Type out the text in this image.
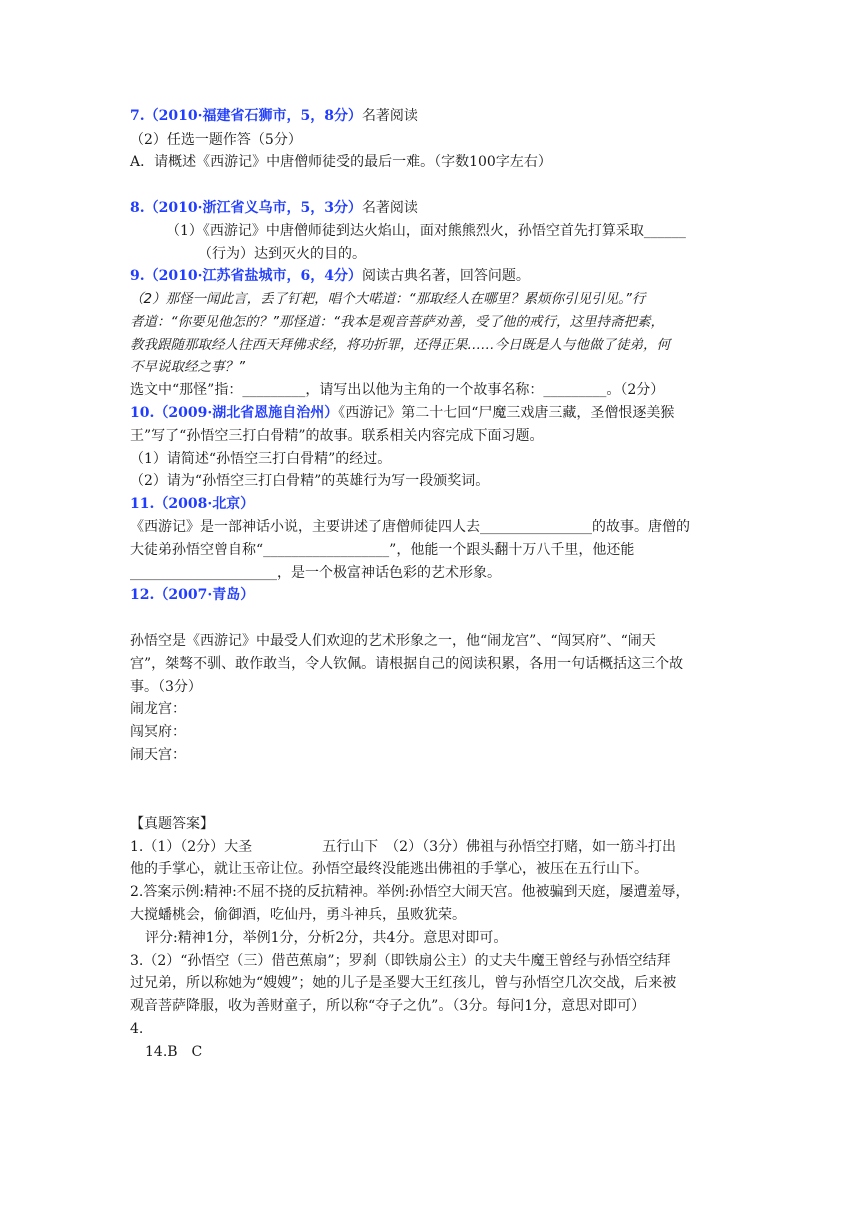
7.（2010·福建省石狮市，5，8分）名著阅读
（2）任选一题作答（5分）
A．请概述《西游记》中唐僧师徒受的最后一难。（字数100字左右）
8.（2010·浙江省义乌市，5，3分）名著阅读
（1）《西游记》中唐僧师徒到达火焰山，面对熊熊烈火，孙悟空首先打算采取______
（行为）达到灭火的目的。
9.（2010·江苏省盐城市，6，4分）阅读古典名著，回答问题。
（2）那怪一闻此言，丢了钉耙，唱个大喏道：“那取经人在哪里？累烦你引见引见。”行
者道：“你要见他怎的？”那怪道：“我本是观音菩萨劝善，受了他的戒行，这里持斋把素，
教我跟随那取经人往西天拜佛求经，将功折罪，还得正果……今日既是人与他做了徒弟，何
不早说取经之事？”
选文中“那怪”指：_________，请写出以他为主角的一个故事名称：_________。（2分）
10.（2009·湖北省恩施自治州）《西游记》第二十七回“尸魔三戏唐三藏，圣僧恨逐美猴
王”写了“孙悟空三打白骨精”的故事。联系相关内容完成下面习题。
（1）请简述“孙悟空三打白骨精”的经过。
（2）请为“孙悟空三打白骨精”的英雄行为写一段颁奖词。
11.（2008·北京）
《西游记》是一部神话小说，主要讲述了唐僧师徒四人去________________的故事。唐僧的
大徒弟孙悟空曾自称“__________________”，他能一个跟头翻十万八千里，他还能
_____________________，是一个极富神话色彩的艺术形象。
12.（2007·青岛）
孙悟空是《西游记》中最受人们欢迎的艺术形象之一，他“闹龙宫”、“闯冥府”、“闹天
宫”，桀骜不驯、敢作敢当，令人钦佩。请根据自己的阅读积累，各用一句话概括这三个故
事。（3分）
闹龙宫：
闯冥府：
闹天宫：
【真题答案】
1.（1）（2分）大圣	五行山下　（2）（3分）佛祖与孙悟空打赌，如一筋斗打出
他的手掌心，就让玉帝让位。孙悟空最终没能逃出佛祖的手掌心，被压在五行山下。
2.答案示例:精神:不屈不挠的反抗精神。举例:孙悟空大闹天宫。他被骗到天庭，屡遭羞辱，
大搅蟠桃会，偷御酒，吃仙丹，勇斗神兵，虽败犹荣。
评分:精神1分，举例1分，分析2分，共4分。意思对即可。
3.（2）“孙悟空（三）借芭蕉扇”；罗刹（即铁扇公主）的丈夫牛魔王曾经与孙悟空结拜
过兄弟，所以称她为“嫂嫂”；她的儿子是圣婴大王红孩儿，曾与孙悟空几次交战，后来被
观音菩萨降服，收为善财童子，所以称“夺子之仇”。（3分。每问1分，意思对即可）
4.
14.B　C
